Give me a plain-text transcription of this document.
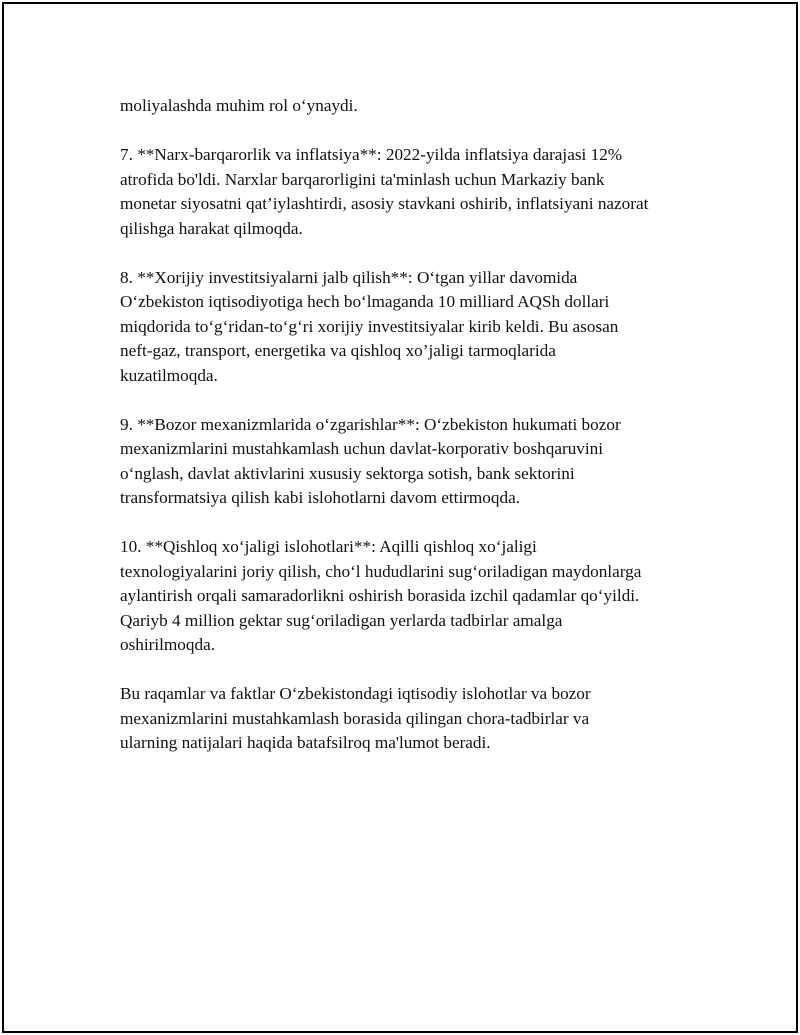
moliyalashda muhim rol o‘ynaydi.

7. **Narx-barqarorlik va inflatsiya**: 2022-yilda inflatsiya darajasi 12%
atrofida bo'ldi. Narxlar barqarorligini ta'minlash uchun Markaziy bank
monetar siyosatni qat’iylashtirdi, asosiy stavkani oshirib, inflatsiyani nazorat
qilishga harakat qilmoqda.

8. **Xorijiy investitsiyalarni jalb qilish**: O‘tgan yillar davomida
O‘zbekiston iqtisodiyotiga hech bo‘lmaganda 10 milliard AQSh dollari
miqdorida to‘g‘ridan-to‘g‘ri xorijiy investitsiyalar kirib keldi. Bu asosan
neft-gaz, transport, energetika va qishloq xo’jaligi tarmoqlarida
kuzatilmoqda.

9. **Bozor mexanizmlarida o‘zgarishlar**: O‘zbekiston hukumati bozor
mexanizmlarini mustahkamlash uchun davlat-korporativ boshqaruvini
o‘nglash, davlat aktivlarini xususiy sektorga sotish, bank sektorini
transformatsiya qilish kabi islohotlarni davom ettirmoqda.

10. **Qishloq xo‘jaligi islohotlari**: Aqilli qishloq xo‘jaligi
texnologiyalarini joriy qilish, cho‘l hududlarini sug‘oriladigan maydonlarga
aylantirish orqali samaradorlikni oshirish borasida izchil qadamlar qo‘yildi.
Qariyb 4 million gektar sug‘oriladigan yerlarda tadbirlar amalga
oshirilmoqda.

Bu raqamlar va faktlar O‘zbekistondagi iqtisodiy islohotlar va bozor
mexanizmlarini mustahkamlash borasida qilingan chora-tadbirlar va
ularning natijalari haqida batafsilroq ma'lumot beradi.
